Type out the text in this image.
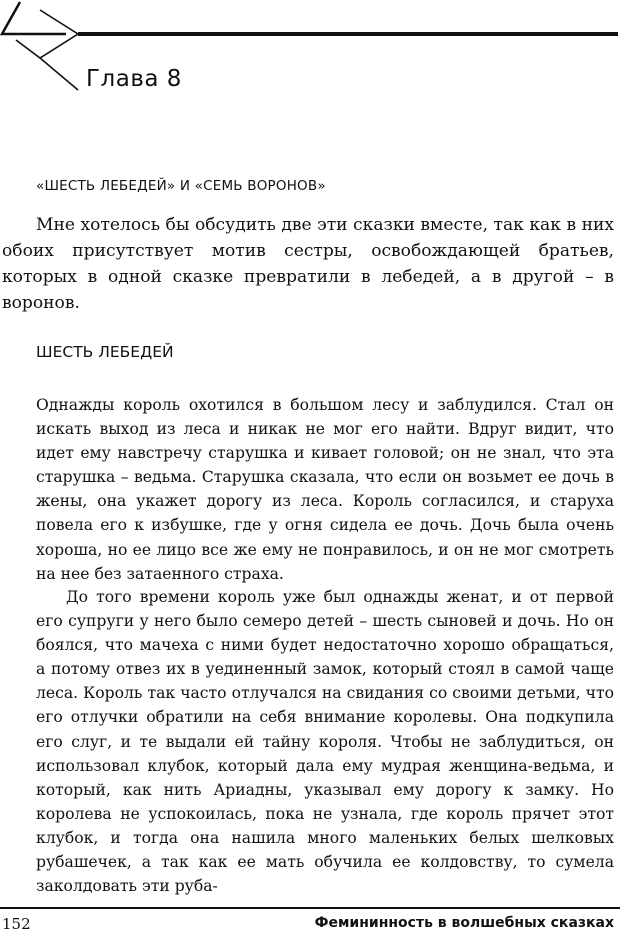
Глава 8
«ШЕСТЬ ЛЕБЕДЕЙ» И «СЕМЬ ВОРОНОВ»

Мне хотелось бы обсудить две эти сказки вместе, так как в них обоих присутствует мотив сестры, освобождающей братьев, которых в одной сказке превратили в лебедей, а в другой – в воронов.

ШЕСТЬ ЛЕБЕДЕЙ

Однажды король охотился в большом лесу и заблудился. Стал он искать выход из леса и никак не мог его найти. Вдруг видит, что идет ему навстречу старушка и кивает головой; он не знал, что эта старушка – ведьма. Старушка сказала, что если он возьмет ее дочь в жены, она укажет дорогу из леса. Король согласился, и старуха повела его к избушке, где у огня сидела ее дочь. Дочь была очень хороша, но ее лицо все же ему не понравилось, и он не мог смотреть на нее без затаенного страха.

До того времени король уже был однажды женат, и от первой его супруги у него было семеро детей – шесть сыновей и дочь. Но он боялся, что мачеха с ними будет недостаточно хорошо обращаться, а потому отвез их в уединенный замок, который стоял в самой чаще леса. Король так часто отлучался на свидания со своими детьми, что его отлучки обратили на себя внимание королевы. Она подкупила его слуг, и те выдали ей тайну короля. Чтобы не заблудиться, он использовал клубок, который дала ему мудрая женщина-ведьма, и который, как нить Ариадны, указывал ему дорогу к замку. Но королева не успокоилась, пока не узнала, где король прячет этот клубок, и тогда она нашила много маленьких белых шелковых рубашечек, а так как ее мать обучила ее колдовству, то сумела заколдовать эти руба-

152	Фемининность в волшебных сказках
